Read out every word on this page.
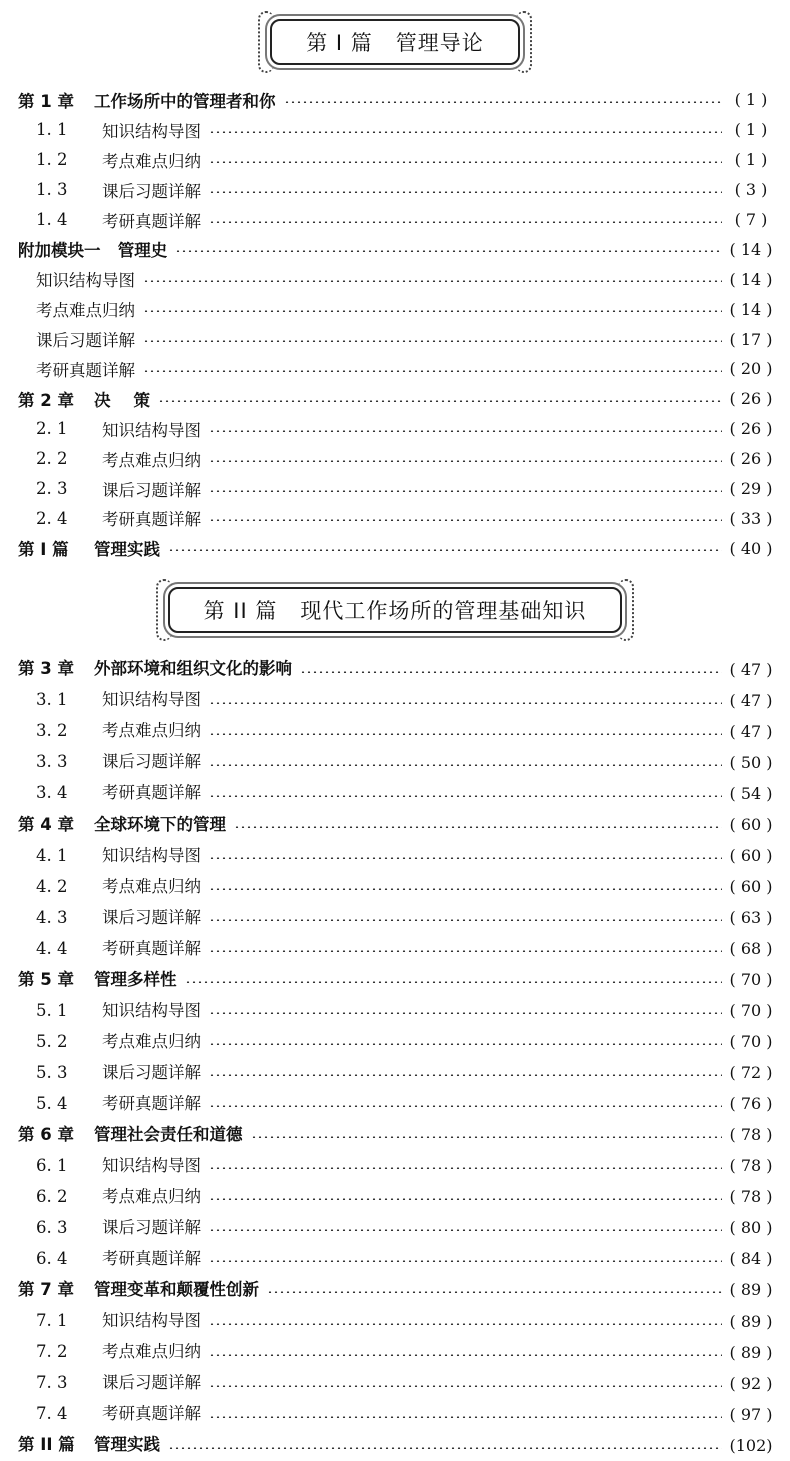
第 I 篇   管理导论
第 1 章	工作场所中的管理者和你	( 1 )
1. 1	知识结构导图	( 1 )
1. 2	考点难点归纳	( 1 )
1. 3	课后习题详解	( 3 )
1. 4	考研真题详解	( 7 )
附加模块一   管理史	( 14 )
知识结构导图	( 14 )
考点难点归纳	( 14 )
课后习题详解	( 17 )
考研真题详解	( 20 )
第 2 章	决    策	( 26 )
2. 1	知识结构导图	( 26 )
2. 2	考点难点归纳	( 26 )
2. 3	课后习题详解	( 29 )
2. 4	考研真题详解	( 33 )
第 I 篇	管理实践	( 40 )
第 II 篇   现代工作场所的管理基础知识
第 3 章	外部环境和组织文化的影响	( 47 )
3. 1	知识结构导图	( 47 )
3. 2	考点难点归纳	( 47 )
3. 3	课后习题详解	( 50 )
3. 4	考研真题详解	( 54 )
第 4 章	全球环境下的管理	( 60 )
4. 1	知识结构导图	( 60 )
4. 2	考点难点归纳	( 60 )
4. 3	课后习题详解	( 63 )
4. 4	考研真题详解	( 68 )
第 5 章	管理多样性	( 70 )
5. 1	知识结构导图	( 70 )
5. 2	考点难点归纳	( 70 )
5. 3	课后习题详解	( 72 )
5. 4	考研真题详解	( 76 )
第 6 章	管理社会责任和道德	( 78 )
6. 1	知识结构导图	( 78 )
6. 2	考点难点归纳	( 78 )
6. 3	课后习题详解	( 80 )
6. 4	考研真题详解	( 84 )
第 7 章	管理变革和颠覆性创新	( 89 )
7. 1	知识结构导图	( 89 )
7. 2	考点难点归纳	( 89 )
7. 3	课后习题详解	( 92 )
7. 4	考研真题详解	( 97 )
第 II 篇	管理实践	(102)
